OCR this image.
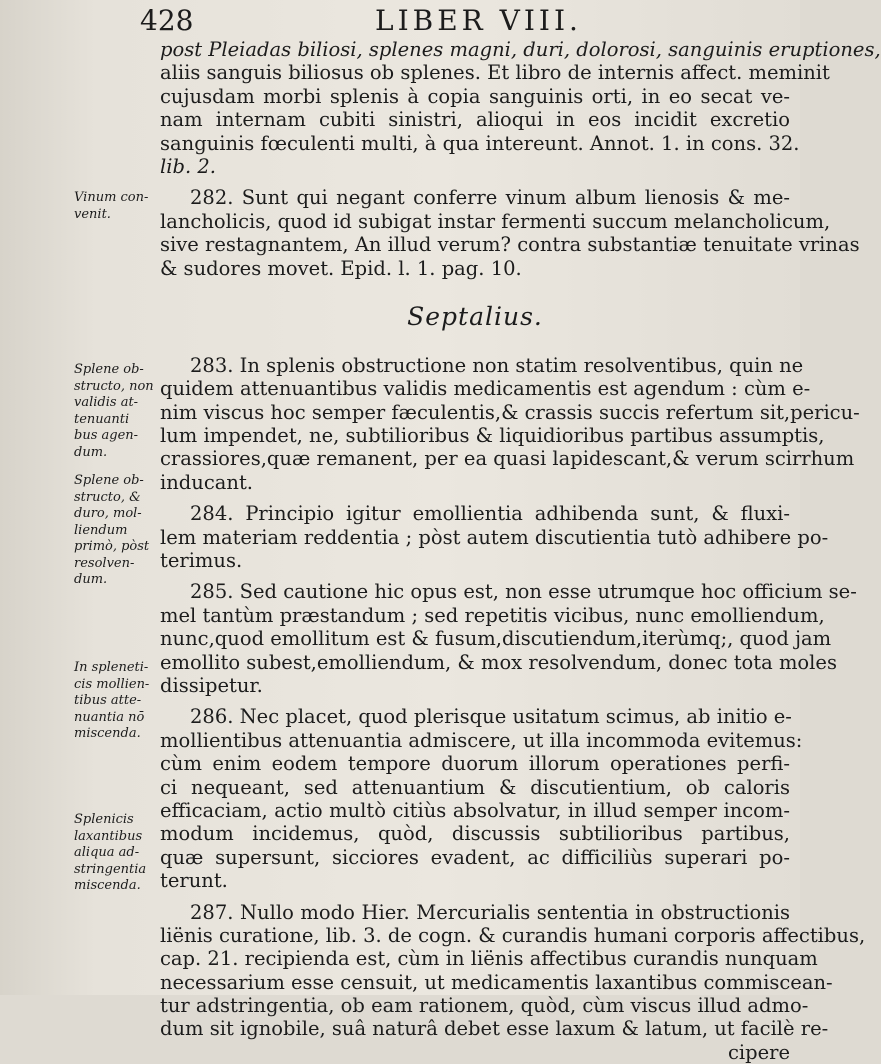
428	LIBER VIII.
Vinum con-
venit.
Splene ob-
structo, non
validis at-
tenuanti
bus agen-
dum.
Splene ob-
structo, &
duro, mol-
liendum
primò, pòst
resolven-
dum.
In spleneti-
cis mollien-
tibus atte-
nuantia nō
miscenda.
Splenicis
laxantibus
aliqua ad-
stringentia
miscenda.
post Pleiadas biliosi, splenes magni, duri, dolorosi, sanguinis eruptiones,
aliis sanguis biliosus ob splenes. Et libro de internis affect. meminit
cujusdam morbi splenis à copia sanguinis orti, in eo secat ve-
nam internam cubiti sinistri, alioqui in eos incidit excretio
sanguinis fœculenti multi, à qua intereunt. Annot. 1. in cons. 32.
lib. 2.
282. Sunt qui negant conferre vinum album lienosis & me-
lancholicis, quod id subigat instar fermenti succum melancholicum,
sive restagnantem, An illud verum? contra substantiæ tenuitate vrinas
& sudores movet. Epid. l. 1. pag. 10.
Septalius.
283. In splenis obstructione non statim resolventibus, quin ne
quidem attenuantibus validis medicamentis est agendum : cùm e-
nim viscus hoc semper fæculentis,& crassis succis refertum sit,pericu-
lum impendet, ne, subtilioribus & liquidioribus partibus assumptis,
crassiores,quæ remanent, per ea quasi lapidescant,& verum scirrhum
inducant.
284. Principio igitur emollientia adhibenda sunt, & fluxi-
lem materiam reddentia ; pòst autem discutientia tutò adhibere po-
terimus.
285. Sed cautione hic opus est, non esse utrumque hoc officium se-
mel tantùm præstandum ; sed repetitis vicibus, nunc emolliendum,
nunc,quod emollitum est & fusum,discutiendum,iterùmq;, quod jam
emollito subest,emolliendum, & mox resolvendum, donec tota moles
dissipetur.
286. Nec placet, quod plerisque usitatum scimus, ab initio e-
mollientibus attenuantia admiscere, ut illa incommoda evitemus:
cùm enim eodem tempore duorum illorum operationes perfi-
ci nequeant, sed attenuantium & discutientium, ob caloris
efficaciam, actio multò citiùs absolvatur, in illud semper incom-
modum incidemus, quòd, discussis subtilioribus partibus,
quæ supersunt, sicciores evadent, ac difficiliùs superari po-
terunt.
287. Nullo modo Hier. Mercurialis sententia in obstructionis
liënis curatione, lib. 3. de cogn. & curandis humani corporis affectibus,
cap. 21. recipienda est, cùm in liënis affectibus curandis nunquam
necessarium esse censuit, ut medicamentis laxantibus commiscean-
tur adstringentia, ob eam rationem, quòd, cùm viscus illud admo-
dum sit ignobile, suâ naturâ debet esse laxum & latum, ut facilè re-
cipere
